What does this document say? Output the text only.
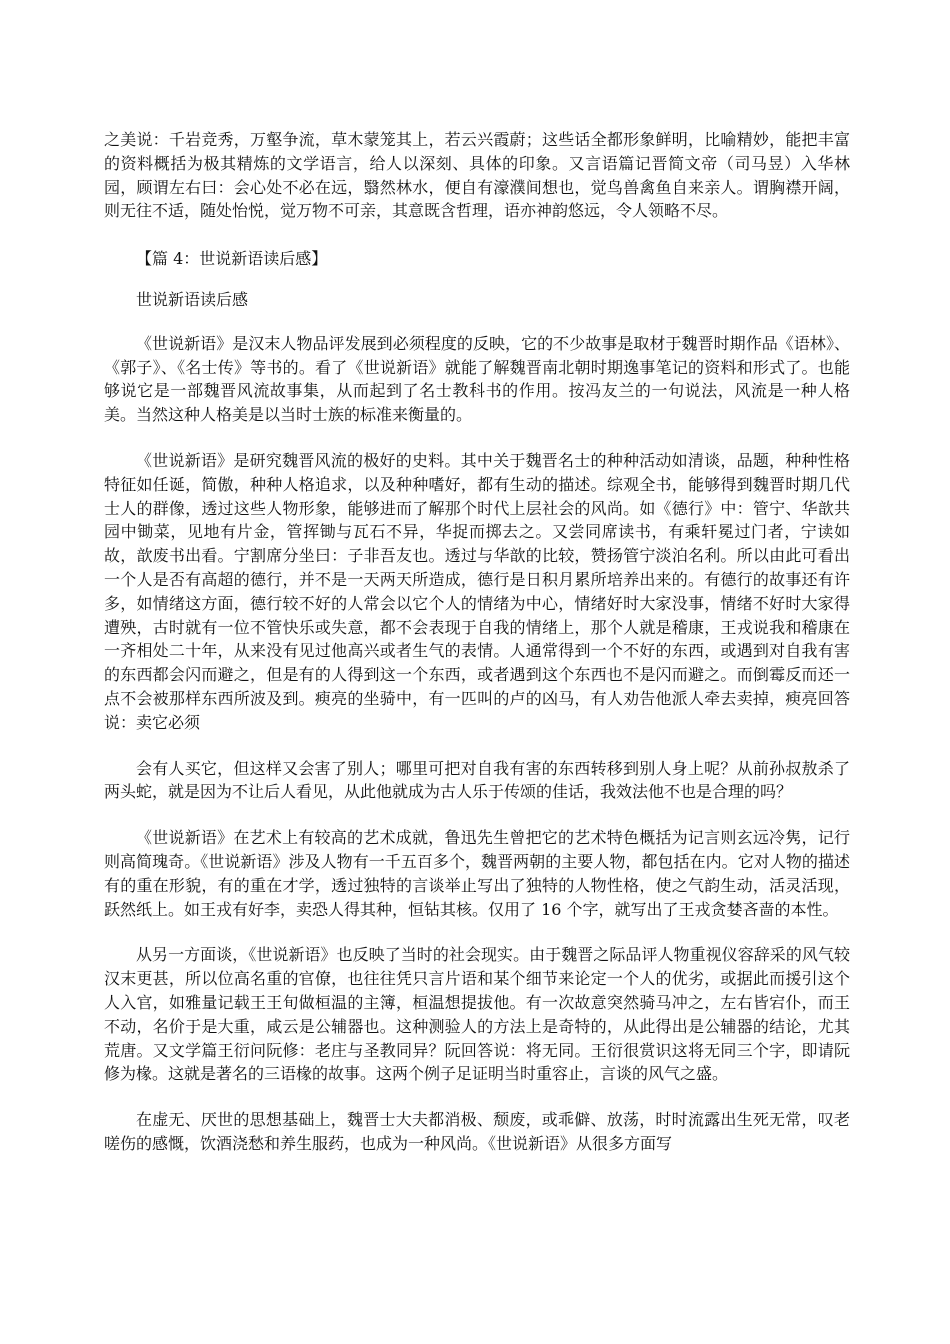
之美说：千岩竞秀，万壑争流，草木蒙笼其上，若云兴霞蔚；这些话全都形象鲜明，比喻精妙，能把丰富的资料概括为极其精炼的文学语言，给人以深刻、具体的印象。又言语篇记晋简文帝（司马昱）入华林园，顾谓左右曰：会心处不必在远，翳然林水，便自有濠濮间想也，觉鸟兽禽鱼自来亲人。谓胸襟开阔，则无往不适，随处怡悦，觉万物不可亲，其意既含哲理，语亦神韵悠远，令人领略不尽。

【篇 4：世说新语读后感】

世说新语读后感

《世说新语》是汉末人物品评发展到必须程度的反映，它的不少故事是取材于魏晋时期作品《语林》、《郭子》、《名士传》等书的。看了《世说新语》就能了解魏晋南北朝时期逸事笔记的资料和形式了。也能够说它是一部魏晋风流故事集，从而起到了名士教科书的作用。按冯友兰的一句说法，风流是一种人格美。当然这种人格美是以当时士族的标准来衡量的。

《世说新语》是研究魏晋风流的极好的史料。其中关于魏晋名士的种种活动如清谈，品题，种种性格特征如任诞，简傲，种种人格追求，以及种种嗜好，都有生动的描述。综观全书，能够得到魏晋时期几代士人的群像，透过这些人物形象，能够进而了解那个时代上层社会的风尚。如《德行》中：管宁、华歆共园中锄菜，见地有片金，管挥锄与瓦石不异，华捉而掷去之。又尝同席读书，有乘轩冕过门者，宁读如故，歆废书出看。宁割席分坐曰：子非吾友也。透过与华歆的比较，赞扬管宁淡泊名利。所以由此可看出一个人是否有高超的德行，并不是一天两天所造成，德行是日积月累所培养出来的。有德行的故事还有许多，如情绪这方面，德行较不好的人常会以它个人的情绪为中心，情绪好时大家没事，情绪不好时大家得遭殃，古时就有一位不管快乐或失意，都不会表现于自我的情绪上，那个人就是稽康，王戎说我和稽康在一齐相处二十年，从来没有见过他高兴或者生气的表情。人通常得到一个不好的东西，或遇到对自我有害的东西都会闪而避之，但是有的人得到这一个东西，或者遇到这个东西也不是闪而避之。而倒霉反而还一点不会被那样东西所波及到。瘐亮的坐骑中，有一匹叫的卢的凶马，有人劝告他派人牵去卖掉，瘐亮回答说：卖它必须

会有人买它，但这样又会害了别人；哪里可把对自我有害的东西转移到别人身上呢？从前孙叔敖杀了两头蛇，就是因为不让后人看见，从此他就成为古人乐于传颂的佳话，我效法他不也是合理的吗？

《世说新语》在艺术上有较高的艺术成就，鲁迅先生曾把它的艺术特色概括为记言则玄远冷隽，记行则高简瑰奇。《世说新语》涉及人物有一千五百多个，魏晋两朝的主要人物，都包括在内。它对人物的描述有的重在形貌，有的重在才学，透过独特的言谈举止写出了独特的人物性格，使之气韵生动，活灵活现，跃然纸上。如王戎有好李，卖恐人得其种，恒钻其核。仅用了 16 个字，就写出了王戎贪婪吝啬的本性。

从另一方面谈，《世说新语》也反映了当时的社会现实。由于魏晋之际品评人物重视仪容辞采的风气较汉末更甚，所以位高名重的官僚，也往往凭只言片语和某个细节来论定一个人的优劣，或据此而援引这个人入官，如雅量记载王王旬做桓温的主簿，桓温想提拔他。有一次故意突然骑马冲之，左右皆宕仆，而王不动，名价于是大重，咸云是公辅器也。这种测验人的方法上是奇特的，从此得出是公辅器的结论，尤其荒唐。又文学篇王衍问阮修：老庄与圣教同异？阮回答说：将无同。王衍很赏识这将无同三个字，即请阮修为椽。这就是著名的三语椽的故事。这两个例子足证明当时重容止，言谈的风气之盛。

在虚无、厌世的思想基础上，魏晋士大夫都消极、颓废，或乖僻、放荡，时时流露出生死无常，叹老嗟伤的感慨，饮酒浇愁和养生服药，也成为一种风尚。《世说新语》从很多方面写
